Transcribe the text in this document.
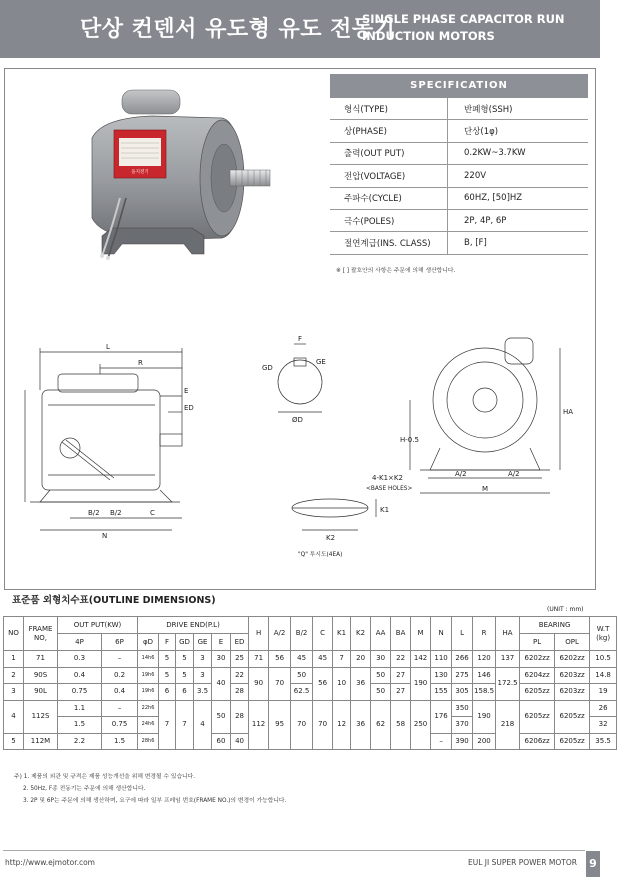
단상 컨덴서 유도형 유도 전동기
SINGLE PHASE CAPACITOR RUN
INDUCTION MOTORS
을지전기
SPECIFICATION
형식(TYPE)	반폐형(SSH)
상(PHASE)	단상(1φ)
출력(OUT PUT)	0.2KW~3.7KW
전압(VOLTAGE)	220V
주파수(CYCLE)	60HZ, [50]HZ
극수(POLES)	2P, 4P, 6P
절연계급(INS. CLASS)	B, [F]
※ [ ] 괄호안의 사항은 주문에 의해 생산합니다.
L
R
E
ED
C
B/2 B/2
N
F
GD
GE
ØD
H-0.5
HA
A/2	A/2
M
4-K1×K2
K2
K1
<BASE HOLES>
"Q" 투시도(4EA)
표준품 외형치수표(OUTLINE DIMENSIONS)
(UNIT : mm)
NO	FRAME NO,	OUT PUT(KW)		DRIVE END(P.L)						H	A/2	B/2	C	K1	K2	AA	BA	M	N	L	R	HA	BEARING		W.T (kg)
		4P	6P	φD	F	GD	GE	E	ED														PL	OPL	
1	71	0.3	–	14h6	5	5	3	30	25	71	56	45	45	7	20	30	22	142	110	266	120	137	6202zz	6202zz	10.5
2	90S	0.4	0.2	19h6	5	5	3	40	22	90	70	50	56	10	36	50	27	190	130	275	146	172.5	6204zz	6203zz	14.8
3	90L	0.75	0.4	19h6	6	6	3.5		28			62.5				50	27		155	305	158.5		6205zz	6203zz	19
4	112S	1.1	–	22h6	7	7	4	50	28	112	95	70	70	12	36	62	58	250	176	350	190	218	6205zz	6205zz	26
		1.5	0.75	24h6																370					32
5	112M	2.2	1.5	28h6				60	40										–	390	200		6206zz	6205zz	35.5
주) 1. 제품의 외관 및 규격은 제품 성능개선을 위해 변경될 수 있습니다.
2. 50Hz, F종 전동기는 주문에 의해 생산합니다.
3. 2P 및 6P는 주문에 의해 생산하며, 요구에 따라 일부 프레임 번호(FRAME NO.)의 변경이 가능합니다.
http://www.ejmotor.com	EUL JI SUPER POWER MOTOR 9
